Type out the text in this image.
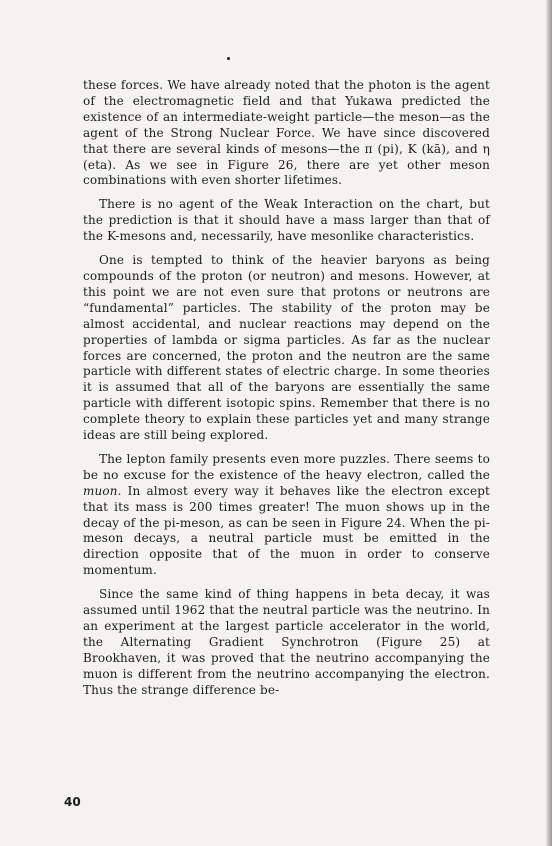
these forces. We have already noted that the photon is the agent of the electromagnetic field and that Yukawa predicted the existence of an intermediate-weight particle—the meson—as the agent of the Strong Nuclear Force. We have since discovered that there are several kinds of mesons—the π (pi), K (kā), and η (eta). As we see in Figure 26, there are yet other meson combinations with even shorter lifetimes.

There is no agent of the Weak Interaction on the chart, but the prediction is that it should have a mass larger than that of the K-mesons and, necessarily, have mesonlike characteristics.

One is tempted to think of the heavier baryons as being compounds of the proton (or neutron) and mesons. However, at this point we are not even sure that protons or neutrons are “fundamental” particles. The stability of the proton may be almost accidental, and nuclear reactions may depend on the properties of lambda or sigma particles. As far as the nuclear forces are concerned, the proton and the neutron are the same particle with different states of electric charge. In some theories it is assumed that all of the baryons are essentially the same particle with different isotopic spins. Remember that there is no complete theory to explain these particles yet and many strange ideas are still being explored.

The lepton family presents even more puzzles. There seems to be no excuse for the existence of the heavy electron, called the muon. In almost every way it behaves like the electron except that its mass is 200 times greater! The muon shows up in the decay of the pi-meson, as can be seen in Figure 24. When the pi-meson decays, a neutral particle must be emitted in the direction opposite that of the muon in order to conserve momentum.

Since the same kind of thing happens in beta decay, it was assumed until 1962 that the neutral particle was the neutrino. In an experiment at the largest particle accelerator in the world, the Alternating Gradient Synchrotron (Figure 25) at Brookhaven, it was proved that the neutrino accompanying the muon is different from the neutrino accompanying the electron. Thus the strange difference be-

40
